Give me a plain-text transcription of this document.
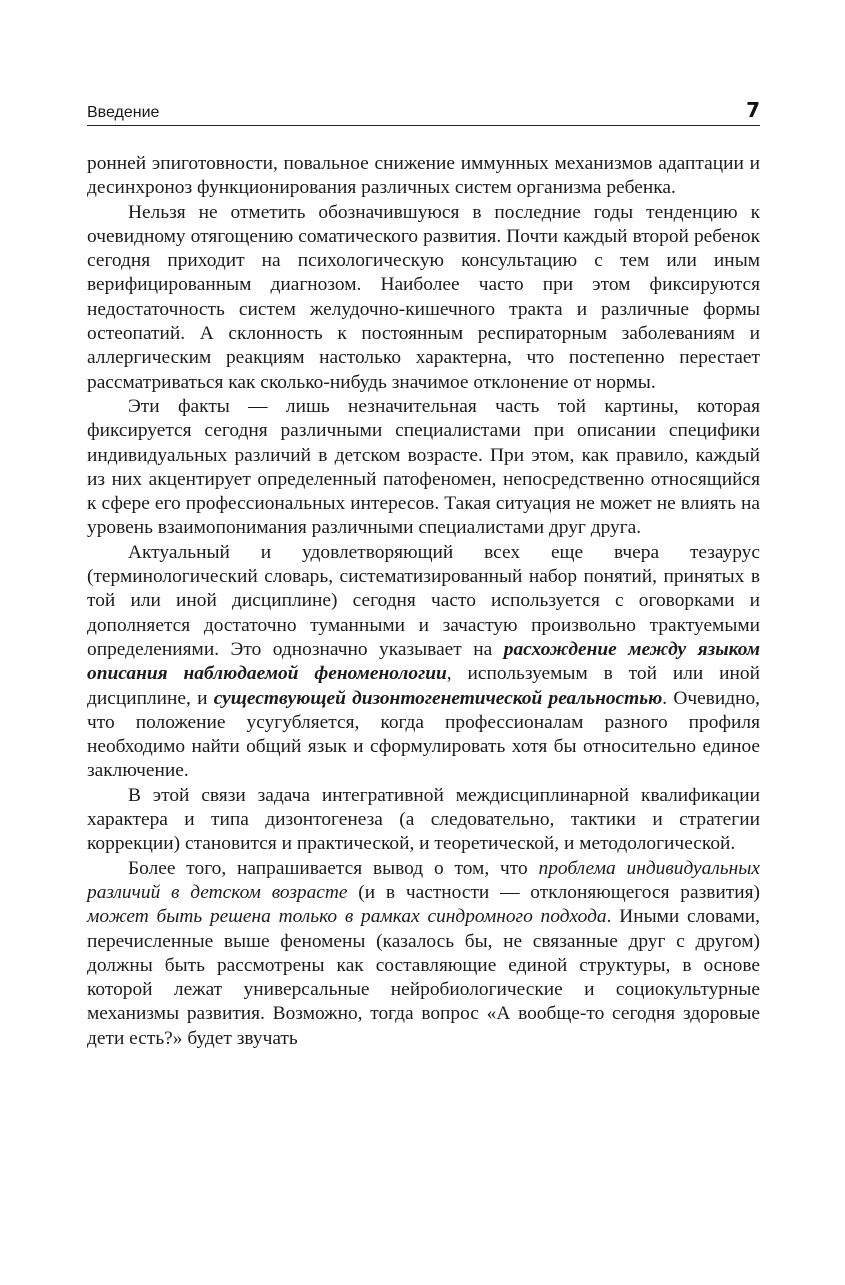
Введение	7

ронней эпиготовности, повальное снижение иммунных механизмов адаптации и десинхроноз функционирования различных систем организма ребенка.

Нельзя не отметить обозначившуюся в последние годы тенденцию к очевидному отягощению соматического развития. Почти каждый второй ребенок сегодня приходит на психологическую консультацию с тем или иным верифицированным диагнозом. Наиболее часто при этом фиксируются недостаточность систем желудочно-кишечного тракта и различные формы остеопатий. А склонность к постоянным респираторным заболеваниям и аллергическим реакциям настолько характерна, что постепенно перестает рассматриваться как сколько-нибудь значимое отклонение от нормы.

Эти факты — лишь незначительная часть той картины, которая фиксируется сегодня различными специалистами при описании специфики индивидуальных различий в детском возрасте. При этом, как правило, каждый из них акцентирует определенный патофеномен, непосредственно относящийся к сфере его профессиональных интересов. Такая ситуация не может не влиять на уровень взаимопонимания различными специалистами друг друга.

Актуальный и удовлетворяющий всех еще вчера тезаурус (терминологический словарь, систематизированный набор понятий, принятых в той или иной дисциплине) сегодня часто используется с оговорками и дополняется достаточно туманными и зачастую произвольно трактуемыми определениями. Это однозначно указывает на расхождение между языком описания наблюдаемой феноменологии, используемым в той или иной дисциплине, и существующей дизонтогенетической реальностью. Очевидно, что положение усугубляется, когда профессионалам разного профиля необходимо найти общий язык и сформулировать хотя бы относительно единое заключение.

В этой связи задача интегративной междисциплинарной квалификации характера и типа дизонтогенеза (а следовательно, тактики и стратегии коррекции) становится и практической, и теоретической, и методологической.

Более того, напрашивается вывод о том, что проблема индивидуальных различий в детском возрасте (и в частности — отклоняющегося развития) может быть решена только в рамках синдромного подхода. Иными словами, перечисленные выше феномены (казалось бы, не связанные друг с другом) должны быть рассмотрены как составляющие единой структуры, в основе которой лежат универсальные нейробиологические и социокультурные механизмы развития. Возможно, тогда вопрос «А вообще-то сегодня здоровые дети есть?» будет звучать
